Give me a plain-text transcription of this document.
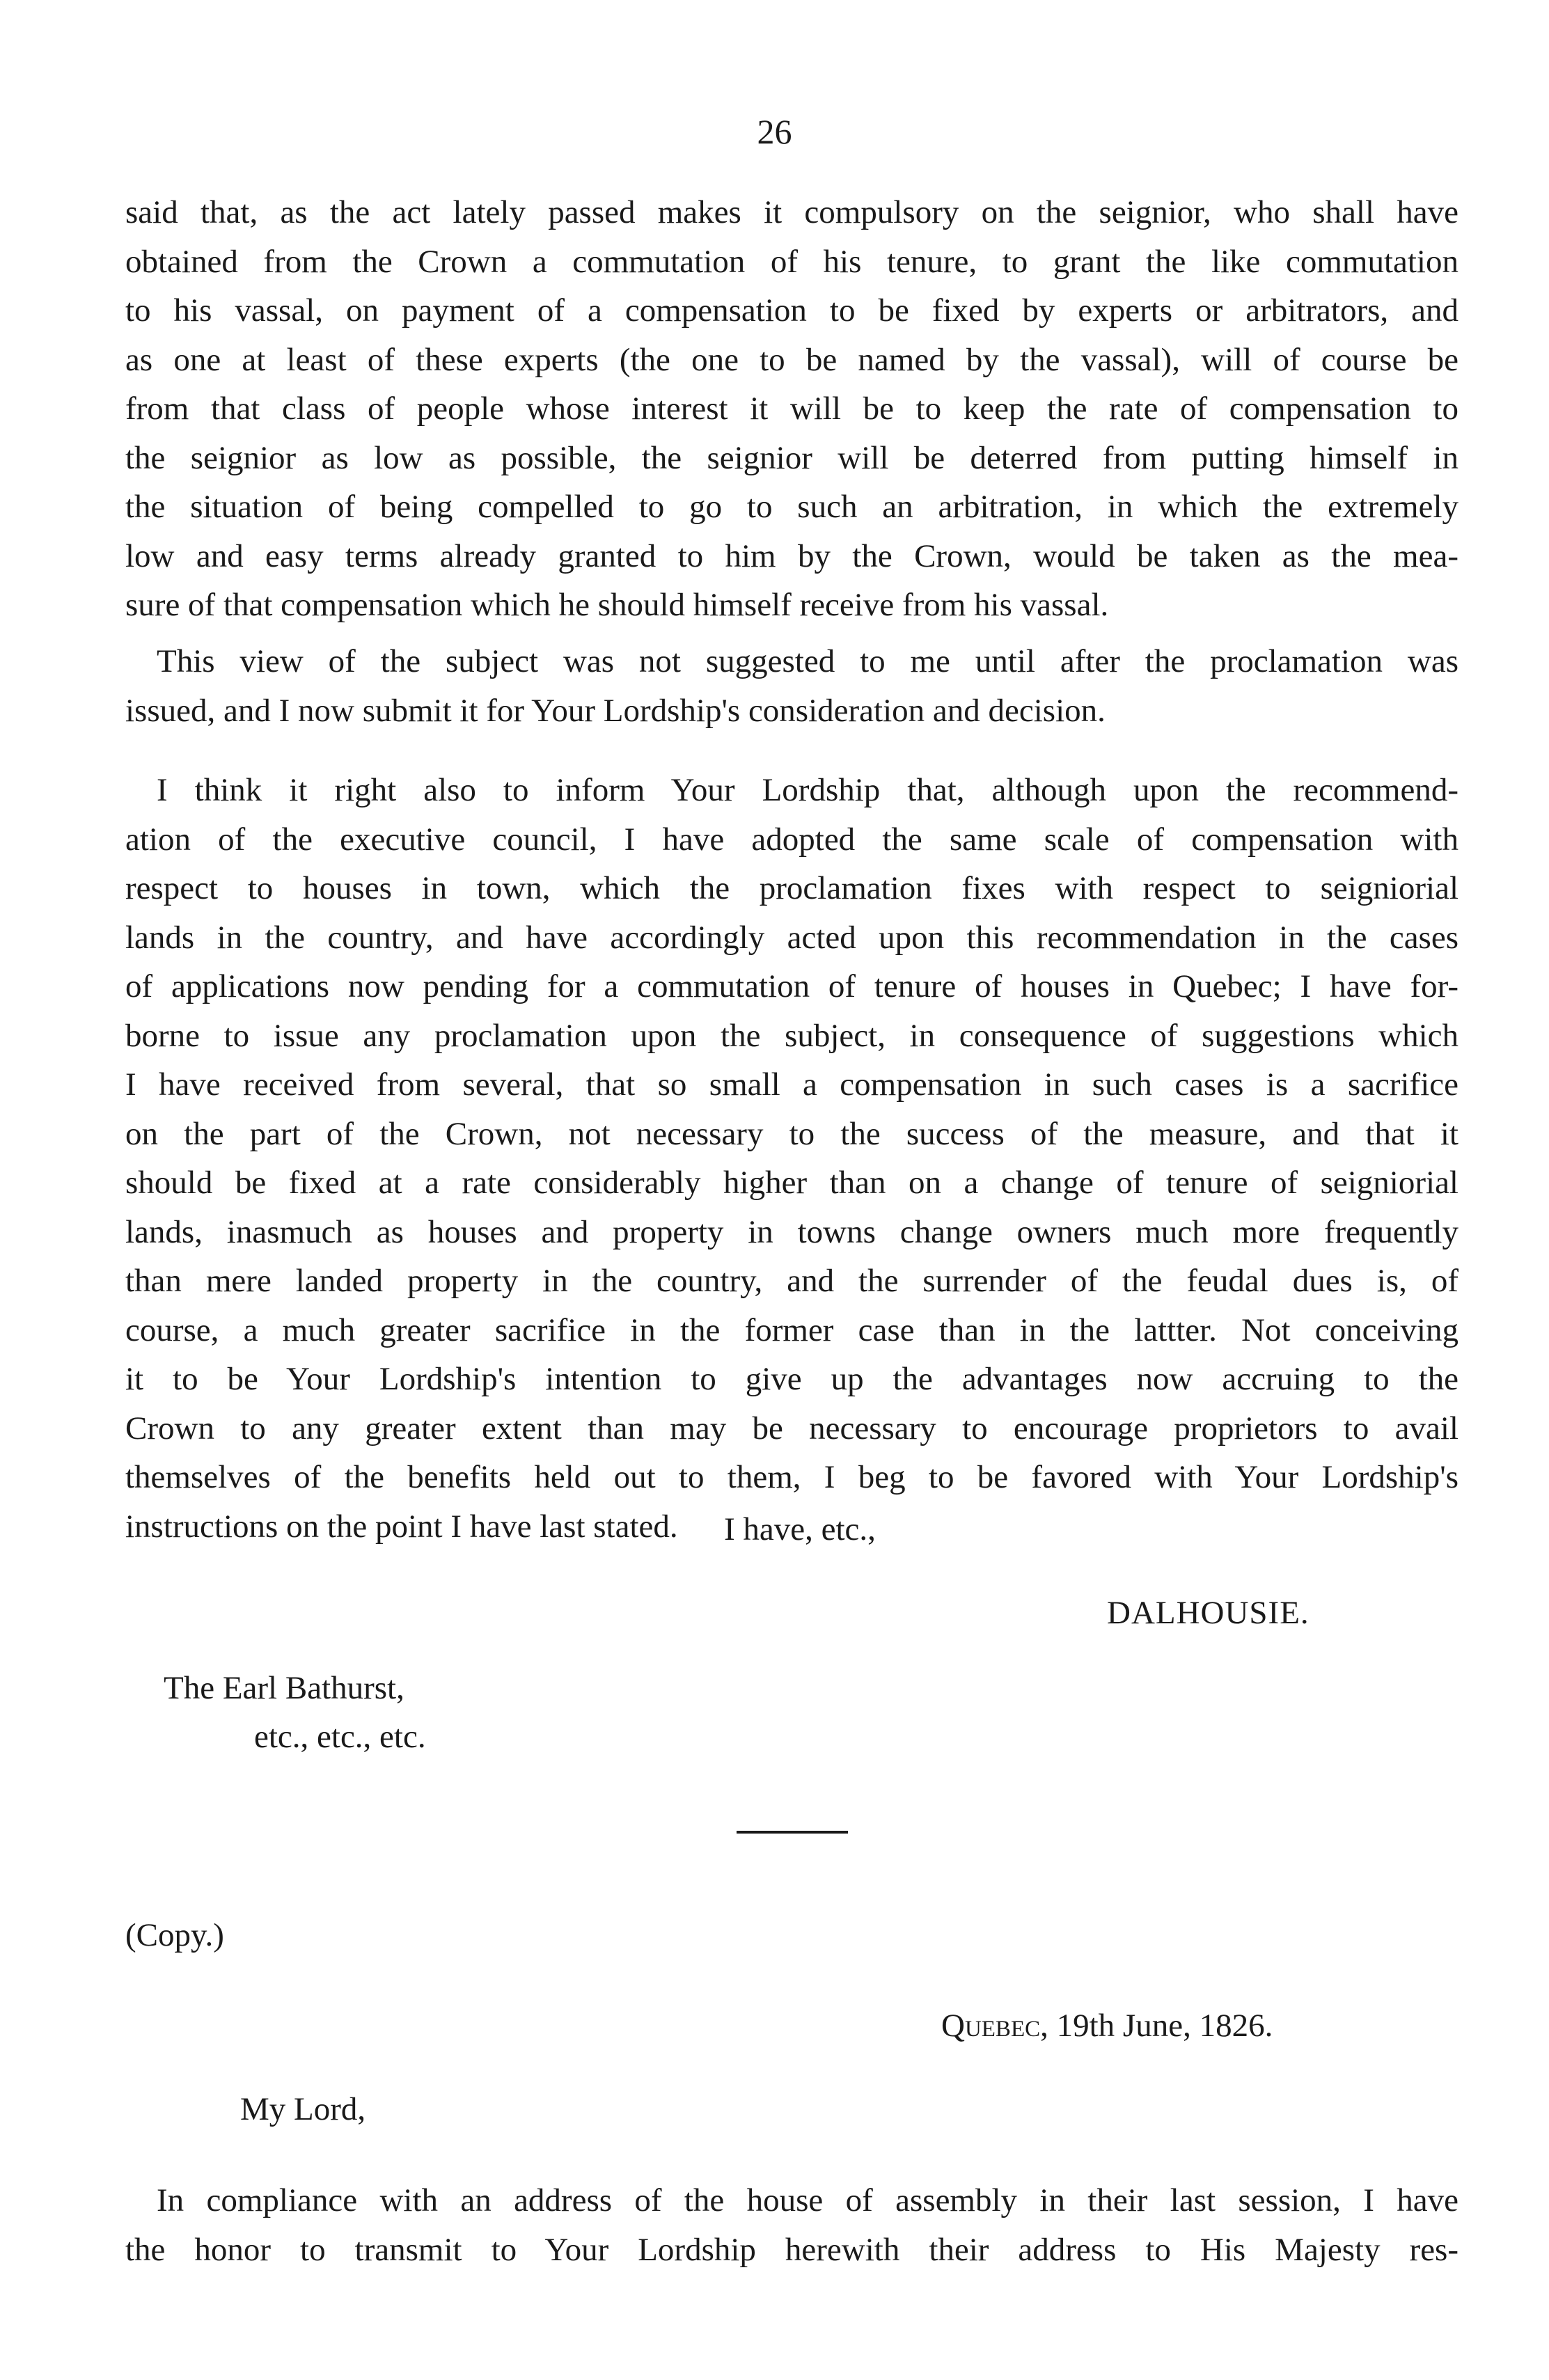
26

said that, as the act lately passed makes it compulsory on the seignior, who shall have
obtained from the Crown a commutation of his tenure, to grant the like commutation
to his vassal, on payment of a compensation to be fixed by experts or arbitrators, and
as one at least of these experts (the one to be named by the vassal), will of course be
from that class of people whose interest it will be to keep the rate of compensation to
the seignior as low as possible, the seignior will be deterred from putting himself in
the situation of being compelled to go to such an arbitration, in which the extremely
low and easy terms already granted to him by the Crown, would be taken as the mea-
sure of that compensation which he should himself receive from his vassal.

This view of the subject was not suggested to me until after the proclamation was
issued, and I now submit it for Your Lordship's consideration and decision.

I think it right also to inform Your Lordship that, although upon the recommend-
ation of the executive council, I have adopted the same scale of compensation with
respect to houses in town, which the proclamation fixes with respect to seigniorial
lands in the country, and have accordingly acted upon this recommendation in the cases
of applications now pending for a commutation of tenure of houses in Quebec; I have for-
borne to issue any proclamation upon the subject, in consequence of suggestions which
I have received from several, that so small a compensation in such cases is a sacrifice
on the part of the Crown, not necessary to the success of the measure, and that it
should be fixed at a rate considerably higher than on a change of tenure of seigniorial
lands, inasmuch as houses and property in towns change owners much more frequently
than mere landed property in the country, and the surrender of the feudal dues is, of
course, a much greater sacrifice in the former case than in the lattter. Not conceiving
it to be Your Lordship's intention to give up the advantages now accruing to the
Crown to any greater extent than may be necessary to encourage proprietors to avail
themselves of the benefits held out to them, I beg to be favored with Your Lordship's
instructions on the point I have last stated.	I have, etc.,
DALHOUSIE.
The Earl Bathurst,
etc., etc., etc.
(Copy.)
Quebec, 19th June, 1826.
My Lord,

In compliance with an address of the house of assembly in their last session, I have
the honor to transmit to Your Lordship herewith their address to His Majesty res-
